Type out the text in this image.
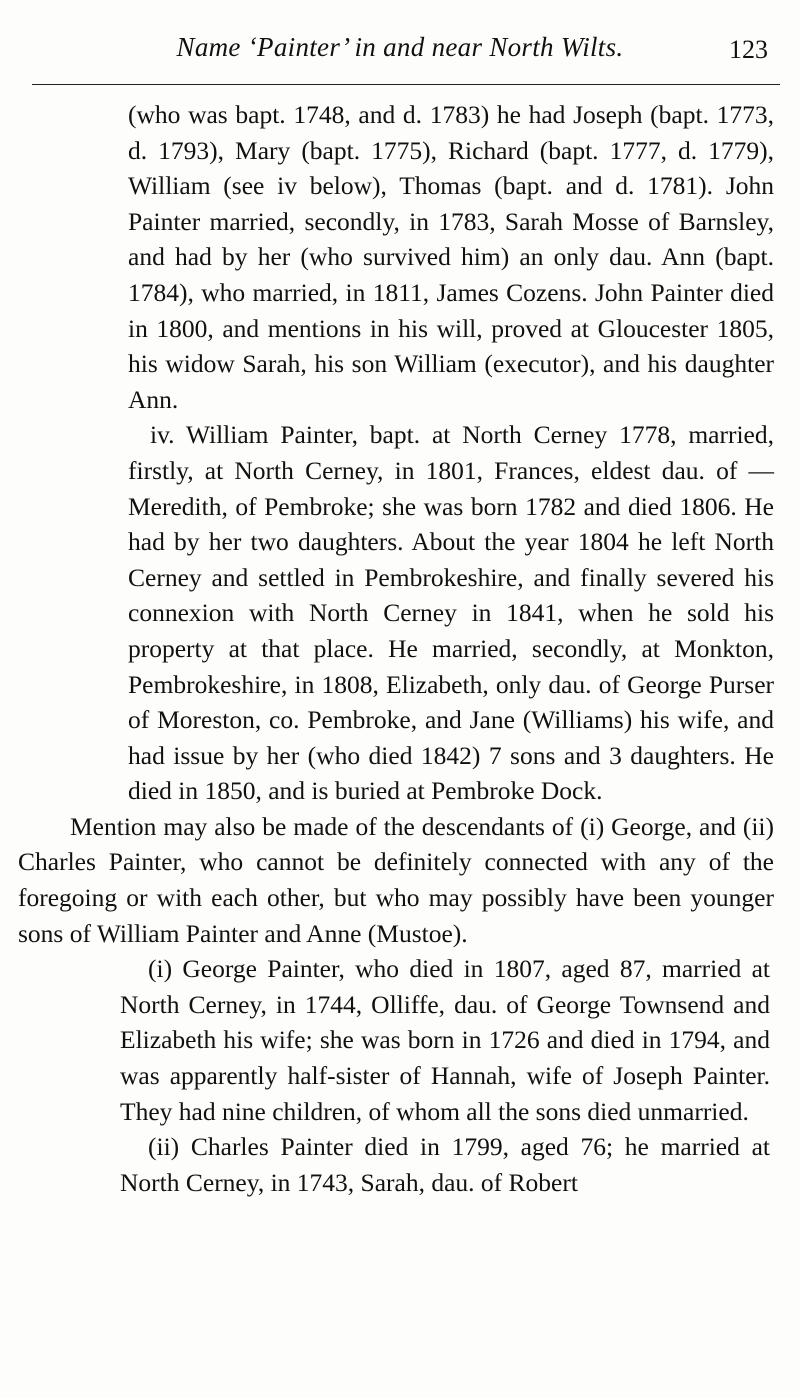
Name ‘Painter’ in and near North Wilts.	123

(who was bapt. 1748, and d. 1783) he had Joseph (bapt. 1773, d. 1793), Mary (bapt. 1775), Richard (bapt. 1777, d. 1779), William (see iv below), Thomas (bapt. and d. 1781). John Painter married, secondly, in 1783, Sarah Mosse of Barnsley, and had by her (who survived him) an only dau. Ann (bapt. 1784), who married, in 1811, James Cozens. John Painter died in 1800, and mentions in his will, proved at Gloucester 1805, his widow Sarah, his son William (executor), and his daughter Ann.

iv. William Painter, bapt. at North Cerney 1778, married, firstly, at North Cerney, in 1801, Frances, eldest dau. of — Meredith, of Pembroke; she was born 1782 and died 1806. He had by her two daughters. About the year 1804 he left North Cerney and settled in Pembrokeshire, and finally severed his connexion with North Cerney in 1841, when he sold his property at that place. He married, secondly, at Monkton, Pembrokeshire, in 1808, Elizabeth, only dau. of George Purser of Moreston, co. Pembroke, and Jane (Williams) his wife, and had issue by her (who died 1842) 7 sons and 3 daughters. He died in 1850, and is buried at Pembroke Dock.

Mention may also be made of the descendants of (i) George, and (ii) Charles Painter, who cannot be definitely connected with any of the foregoing or with each other, but who may possibly have been younger sons of William Painter and Anne (Mustoe).

(i) George Painter, who died in 1807, aged 87, married at North Cerney, in 1744, Olliffe, dau. of George Townsend and Elizabeth his wife; she was born in 1726 and died in 1794, and was apparently half-sister of Hannah, wife of Joseph Painter. They had nine children, of whom all the sons died unmarried.

(ii) Charles Painter died in 1799, aged 76; he married at North Cerney, in 1743, Sarah, dau. of Robert
